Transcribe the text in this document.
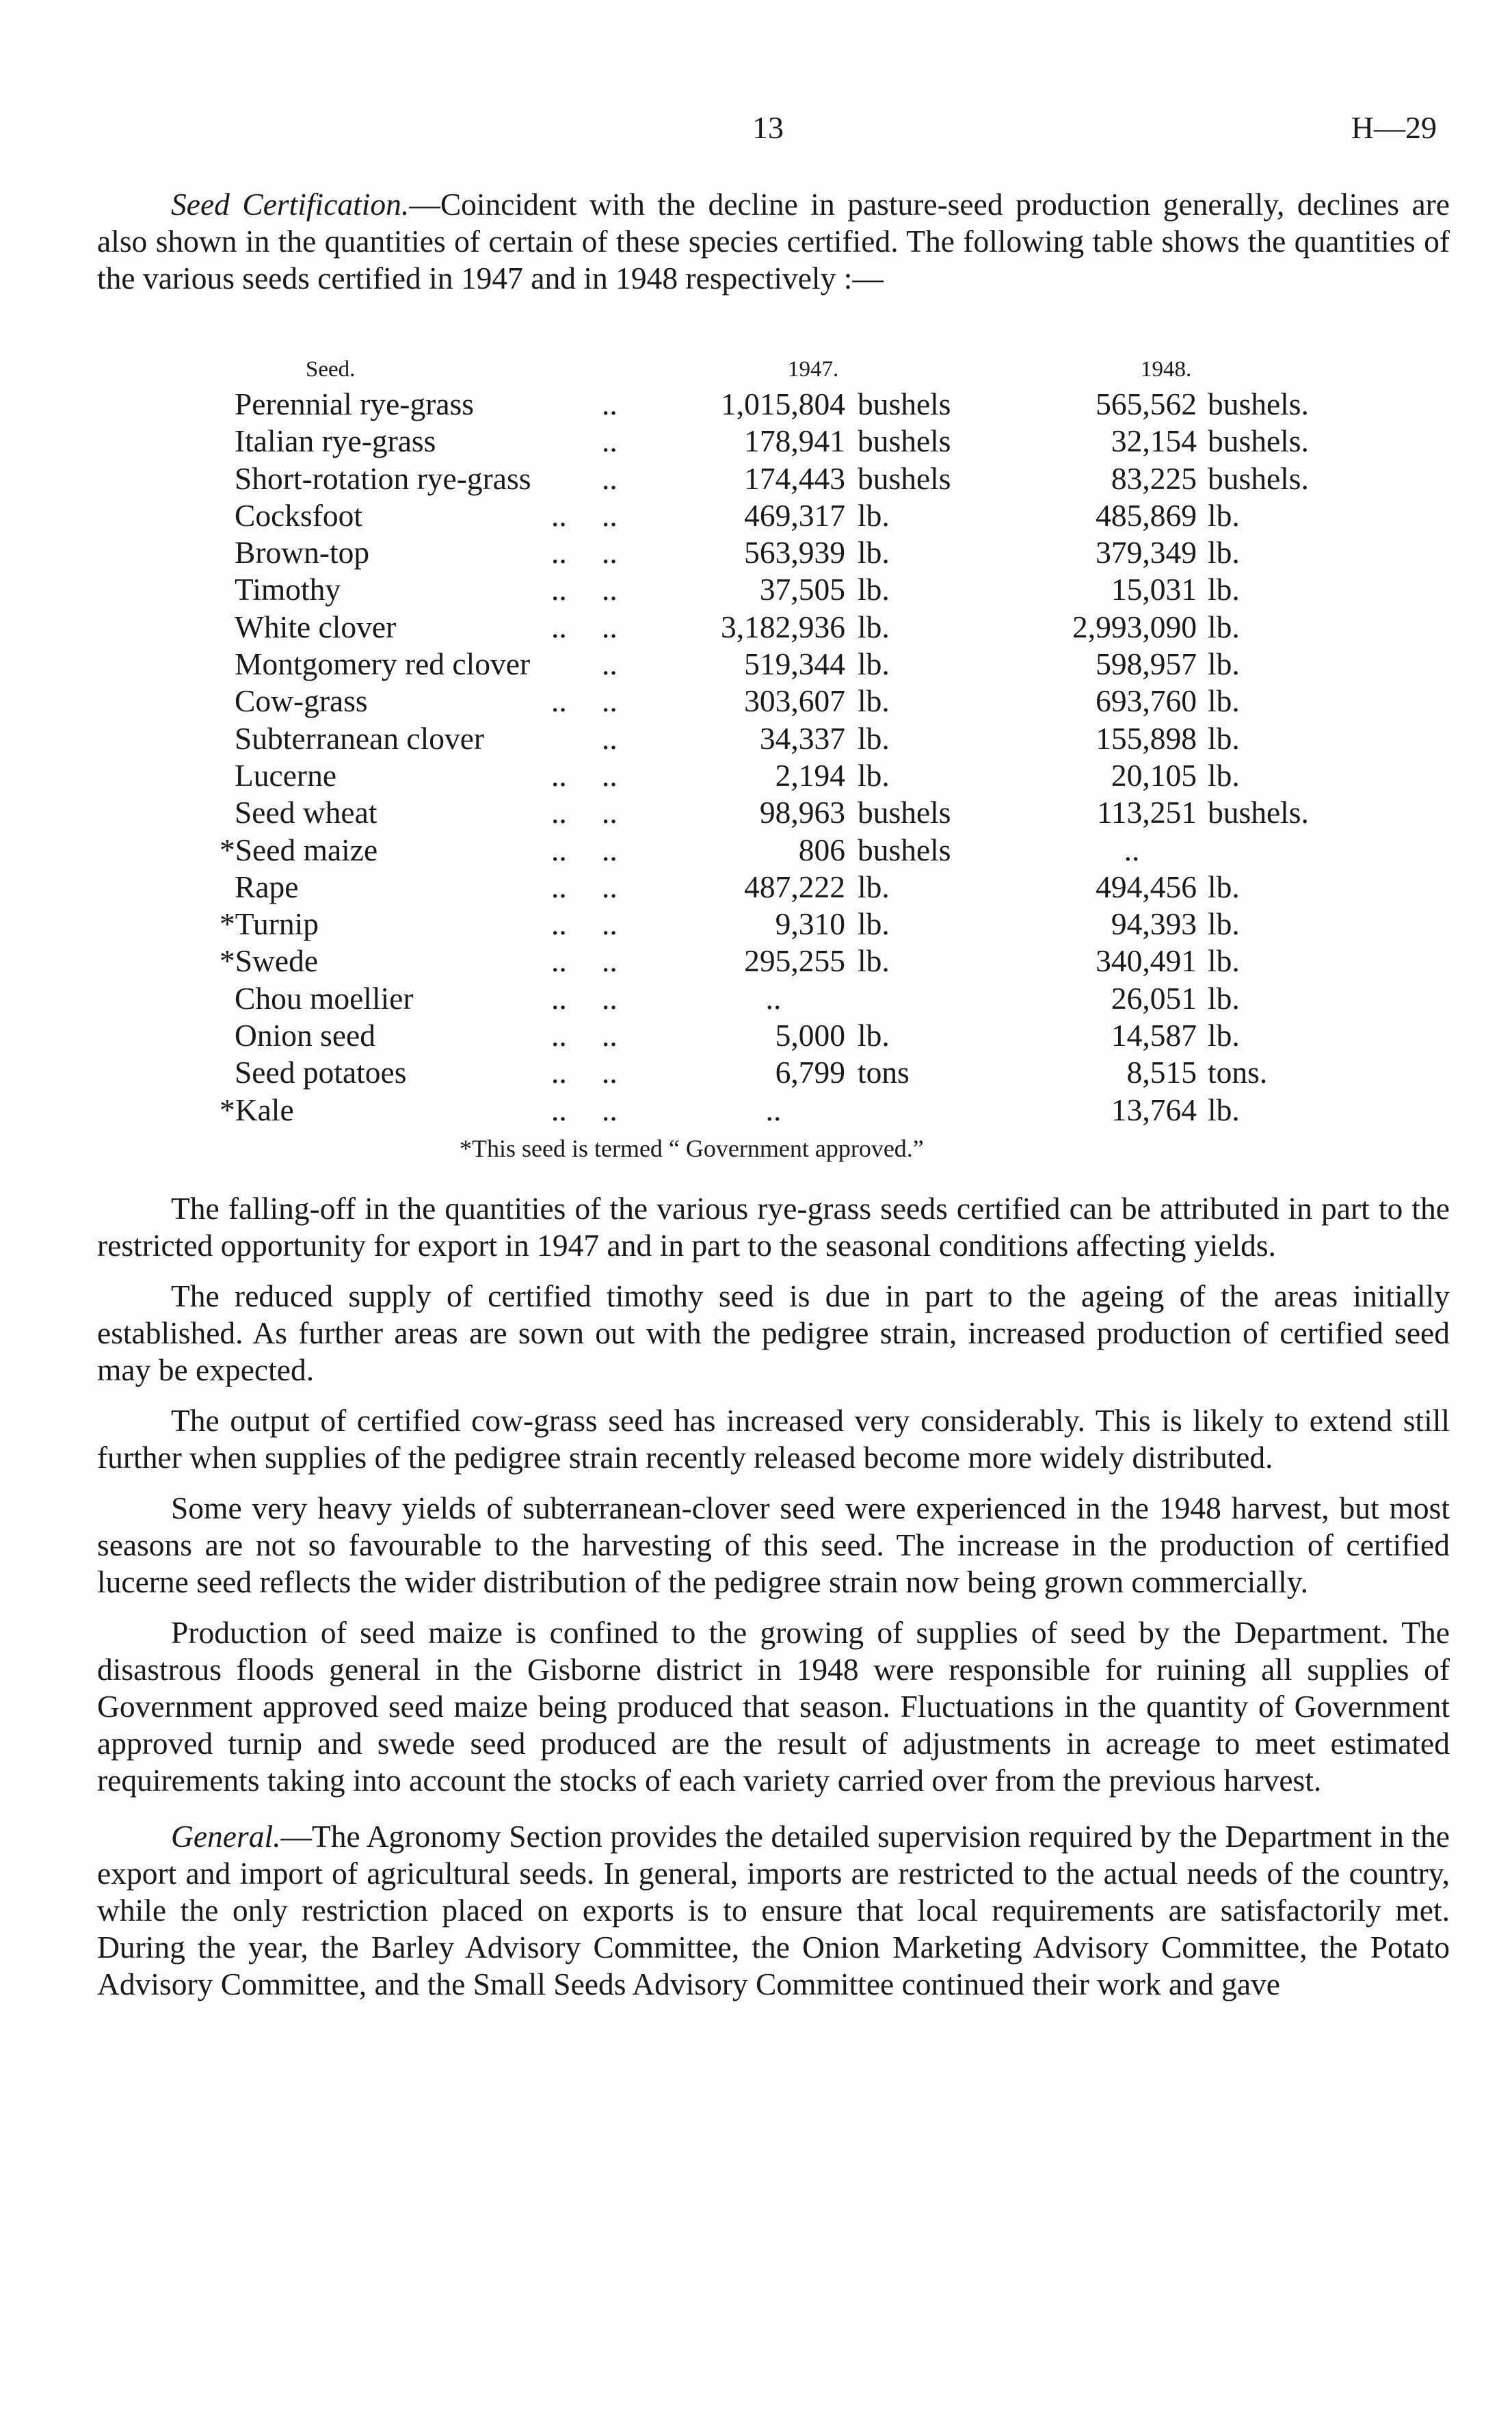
13	H—29

Seed Certification.—Coincident with the decline in pasture-seed production generally, declines are also shown in the quantities of certain of these species certified. The following table shows the quantities of the various seeds certified in 1947 and in 1948 respectively :—

Seed.	1947.	1948.
Perennial rye-grass	..	1,015,804 bushels	565,562 bushels.
Italian rye-grass	..	178,941 bushels	32,154 bushels.
Short-rotation rye-grass ..	174,443 bushels	83,225 bushels.
Cocksfoot	.. ..	469,317 lb.	485,869 lb.
Brown-top	.. ..	563,939 lb.	379,349 lb.
Timothy	.. ..	37,505 lb.	15,031 lb.
White clover	.. ..	3,182,936 lb.	2,993,090 lb.
Montgomery red clover ..	519,344 lb.	598,957 lb.
Cow-grass	.. ..	303,607 lb.	693,760 lb.
Subterranean clover	..	34,337 lb.	155,898 lb.
Lucerne	.. ..	2,194 lb.	20,105 lb.
Seed wheat	.. ..	98,963 bushels	113,251 bushels.
*Seed maize	.. ..	806 bushels	..
Rape	.. ..	487,222 lb.	494,456 lb.
*Turnip	.. ..	9,310 lb.	94,393 lb.
*Swede	.. ..	295,255 lb.	340,491 lb.
Chou moellier	.. ..	..	26,051 lb.
Onion seed	.. ..	5,000 lb.	14,587 lb.
Seed potatoes	.. ..	6,799 tons	8,515 tons.
*Kale	.. ..	..	13,764 lb.
*This seed is termed “ Government approved.”

The falling-off in the quantities of the various rye-grass seeds certified can be attributed in part to the restricted opportunity for export in 1947 and in part to the seasonal conditions affecting yields.

The reduced supply of certified timothy seed is due in part to the ageing of the areas initially established. As further areas are sown out with the pedigree strain, increased production of certified seed may be expected.

The output of certified cow-grass seed has increased very considerably. This is likely to extend still further when supplies of the pedigree strain recently released become more widely distributed.

Some very heavy yields of subterranean-clover seed were experienced in the 1948 harvest, but most seasons are not so favourable to the harvesting of this seed. The increase in the production of certified lucerne seed reflects the wider distribution of the pedigree strain now being grown commercially.

Production of seed maize is confined to the growing of supplies of seed by the Department. The disastrous floods general in the Gisborne district in 1948 were responsible for ruining all supplies of Government approved seed maize being produced that season. Fluctuations in the quantity of Government approved turnip and swede seed produced are the result of adjustments in acreage to meet estimated requirements taking into account the stocks of each variety carried over from the previous harvest.

General.—The Agronomy Section provides the detailed supervision required by the Department in the export and import of agricultural seeds. In general, imports are restricted to the actual needs of the country, while the only restriction placed on exports is to ensure that local requirements are satisfactorily met. During the year, the Barley Advisory Committee, the Onion Marketing Advisory Committee, the Potato Advisory Committee, and the Small Seeds Advisory Committee continued their work and gave
